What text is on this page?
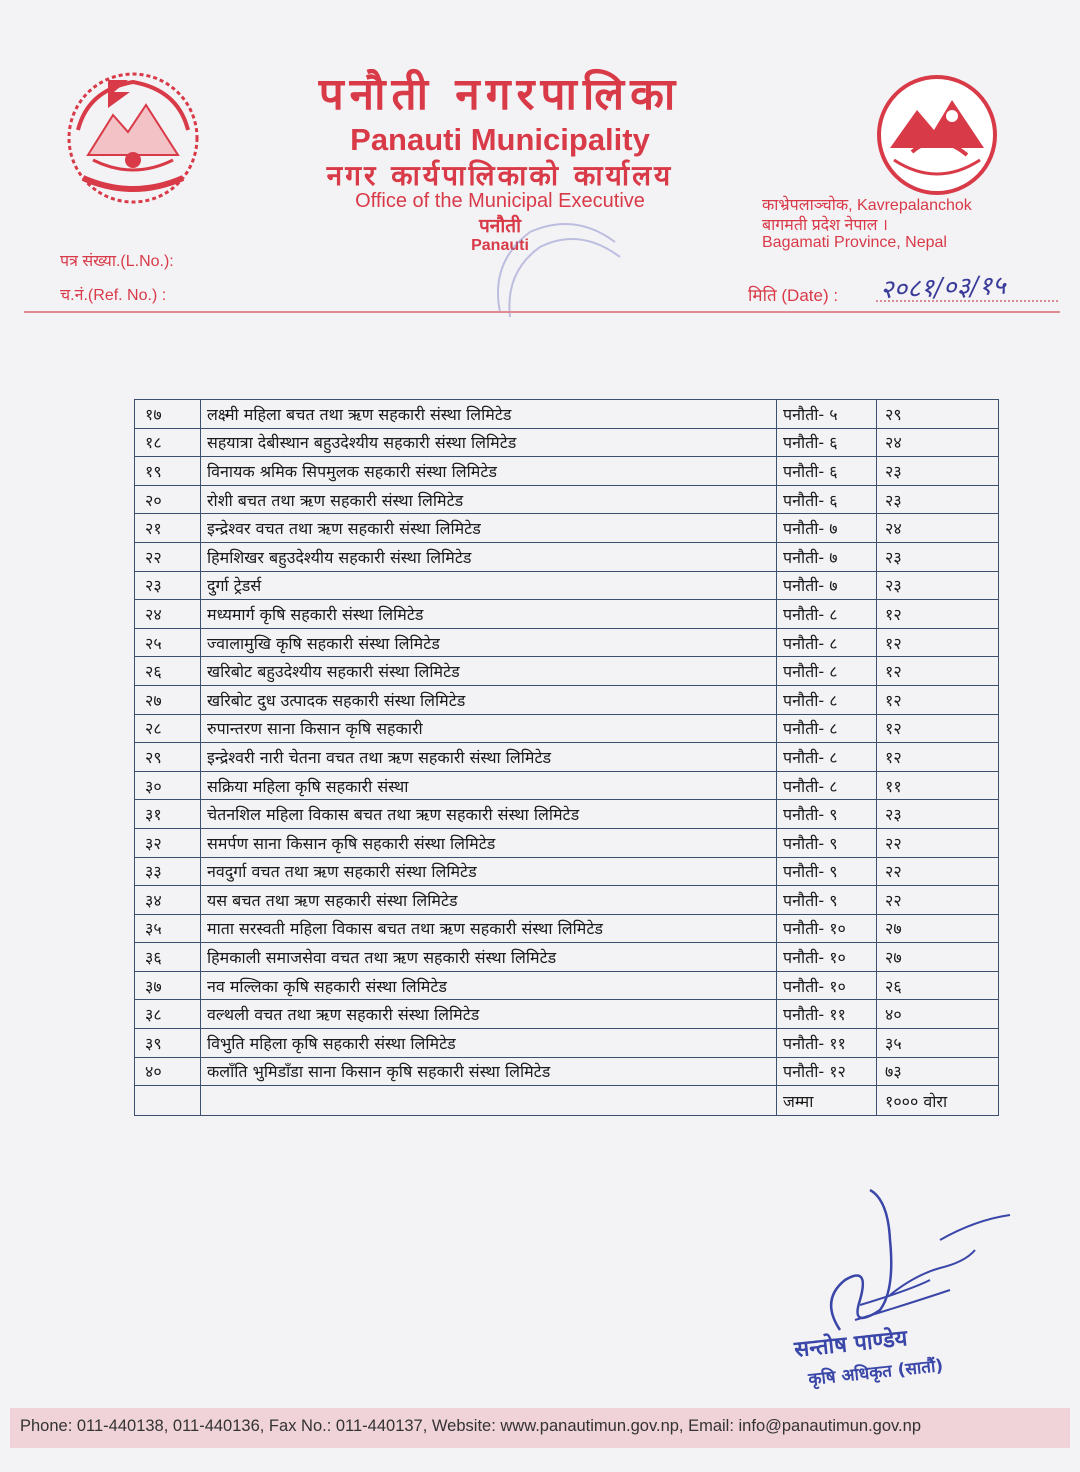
पनौती नगरपालिका
Panauti Municipality
नगर कार्यपालिकाको कार्यालय
Office of the Municipal Executive
पनौती
Panauti
काभ्रेपलाञ्चोक, Kavrepalanchok
बागमती प्रदेश नेपाल ।
Bagamati Province, Nepal
पत्र संख्या.(L.No.):
च.नं.(Ref. No.) :	मिति (Date) : २०८१/०३/१५
१७	लक्ष्मी महिला बचत तथा ऋण सहकारी संस्था लिमिटेड	पनौती- ५	२९
१८	सहयात्रा देबीस्थान बहुउदेश्यीय सहकारी संस्था लिमिटेड	पनौती- ६	२४
१९	विनायक श्रमिक सिपमुलक सहकारी संस्था लिमिटेड	पनौती- ६	२३
२०	रोशी बचत तथा ऋण सहकारी संस्था लिमिटेड	पनौती- ६	२३
२१	इन्द्रेश्वर वचत तथा ऋण सहकारी संस्था लिमिटेड	पनौती- ७	२४
२२	हिमशिखर बहुउदेश्यीय सहकारी संस्था लिमिटेड	पनौती- ७	२३
२३	दुर्गा ट्रेडर्स	पनौती- ७	२३
२४	मध्यमार्ग कृषि सहकारी संस्था लिमिटेड	पनौती- ८	१२
२५	ज्वालामुखि कृषि सहकारी संस्था लिमिटेड	पनौती- ८	१२
२६	खरिबोट बहुउदेश्यीय सहकारी संस्था लिमिटेड	पनौती- ८	१२
२७	खरिबोट दुध उत्पादक सहकारी संस्था लिमिटेड	पनौती- ८	१२
२८	रुपान्तरण साना किसान कृषि सहकारी	पनौती- ८	१२
२९	इन्द्रेश्वरी नारी चेतना वचत तथा ऋण सहकारी संस्था लिमिटेड	पनौती- ८	१२
३०	सक्रिया महिला कृषि सहकारी संस्था	पनौती- ८	११
३१	चेतनशिल महिला विकास बचत तथा ऋण सहकारी संस्था लिमिटेड	पनौती- ९	२३
३२	समर्पण साना किसान कृषि सहकारी संस्था लिमिटेड	पनौती- ९	२२
३३	नवदुर्गा वचत तथा ऋण सहकारी संस्था लिमिटेड	पनौती- ९	२२
३४	यस बचत तथा ऋण सहकारी संस्था लिमिटेड	पनौती- ९	२२
३५	माता सरस्वती महिला विकास बचत तथा ऋण सहकारी संस्था लिमिटेड	पनौती- १०	२७
३६	हिमकाली समाजसेवा वचत तथा ऋण सहकारी संस्था लिमिटेड	पनौती- १०	२७
३७	नव मल्लिका कृषि सहकारी संस्था लिमिटेड	पनौती- १०	२६
३८	वल्थली वचत तथा ऋण सहकारी संस्था लिमिटेड	पनौती- ११	४०
३९	विभुति महिला कृषि सहकारी संस्था लिमिटेड	पनौती- ११	३५
४०	कलाँति भुमिडाँडा साना किसान कृषि सहकारी संस्था लिमिटेड	पनौती- १२	७३
		जम्मा	१००० वोरा
सन्तोष पाण्डेय
कृषि अधिकृत (सातौं)
Phone: 011-440138, 011-440136, Fax No.: 011-440137, Website: www.panautimun.gov.np, Email: info@panautimun.gov.np
